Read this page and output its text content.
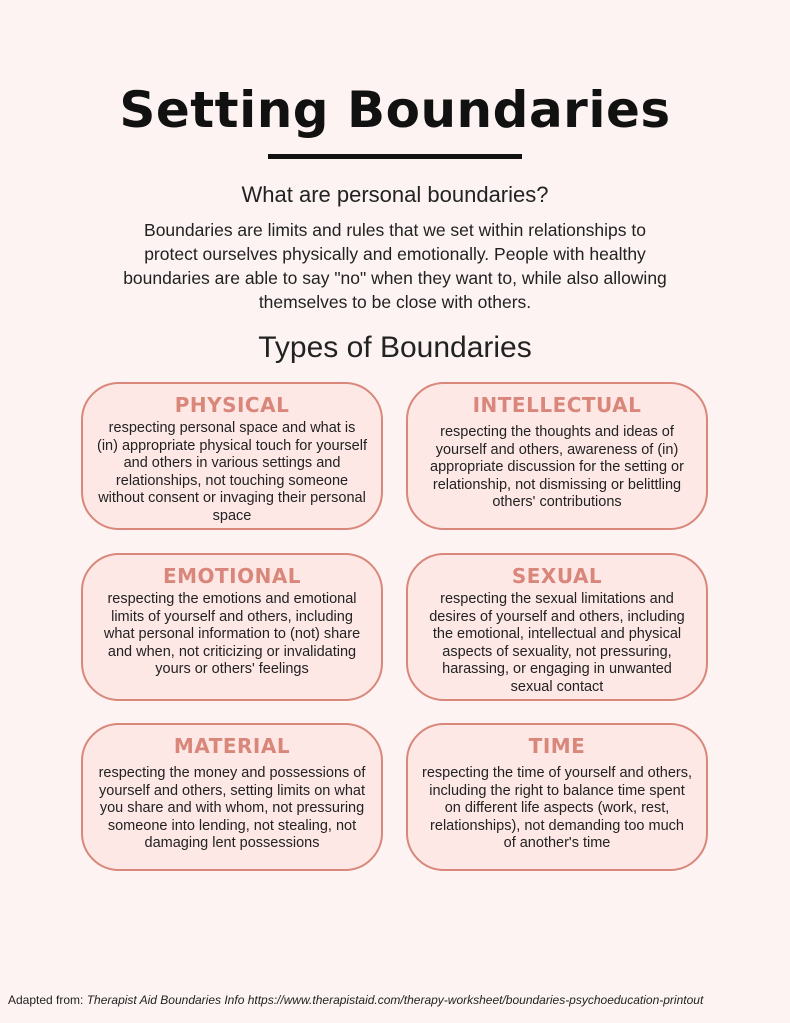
Setting Boundaries
What are personal boundaries?
Boundaries are limits and rules that we set within relationships to protect ourselves physically and emotionally. People with healthy boundaries are able to say "no" when they want to, while also allowing themselves to be close with others.
Types of Boundaries
PHYSICAL
respecting personal space and what is (in) appropriate physical touch for yourself and others in various settings and relationships, not touching someone without consent or invaging their personal space
INTELLECTUAL
respecting the thoughts and ideas of yourself and others, awareness of (in) appropriate discussion for the setting or relationship, not dismissing or belittling others' contributions
EMOTIONAL
respecting the emotions and emotional limits of yourself and others, including what personal information to (not) share and when, not criticizing or invalidating yours or others' feelings
SEXUAL
respecting the sexual limitations and desires of yourself and others, including the emotional, intellectual and physical aspects of sexuality, not pressuring, harassing, or engaging in unwanted sexual contact
MATERIAL
respecting the money and possessions of yourself and others, setting limits on what you share and with whom, not pressuring someone into lending, not stealing, not damaging lent possessions
TIME
respecting the time of yourself and others, including the right to balance time spent on different life aspects (work, rest, relationships), not demanding too much of another's time
Adapted from: Therapist Aid Boundaries Info https://www.therapistaid.com/therapy-worksheet/boundaries-psychoeducation-printout
